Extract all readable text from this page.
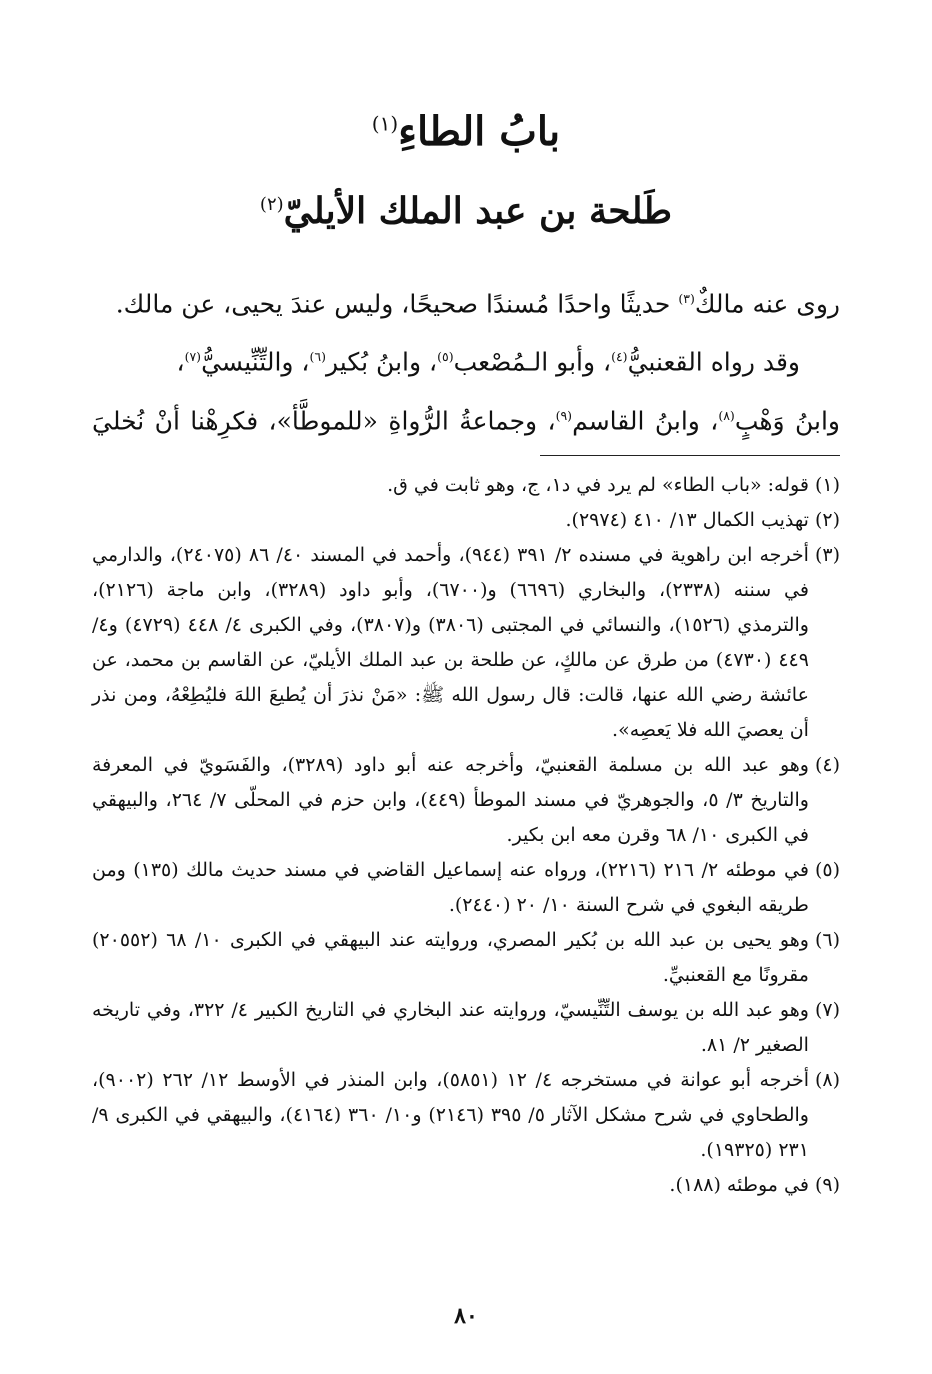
بابُ الطاءِ$^{(١)}$
طَلحة بن عبد الملك الأيليّ$^{(٢)}$

روى عنه مالكٌ$^{(٣)}$ حديثًا واحدًا مُسندًا صحيحًا، وليس عندَ يحيى، عن مالك.

وقد رواه القعنبيُّ$^{(٤)}$، وأبو الـمُصْعب$^{(٥)}$، وابنُ بُكير$^{(٦)}$، والتِّنِّيسيُّ$^{(٧)}$،

وابنُ وَهْبٍ$^{(٨)}$، وابنُ القاسم$^{(٩)}$، وجماعةُ الرُّواةِ «للموطَّأ»، فكرِهْنا أنْ نُخليَ

(١)
قوله: «باب الطاء» لم يرد في د١، ج، وهو ثابت في ق.
(٢)
تهذيب الكمال ١٣/ ٤١٠ (٢٩٧٤).
(٣)
أخرجه ابن راهوية في مسنده ٢/ ٣٩١ (٩٤٤)، وأحمد في المسند ٤٠/ ٨٦ (٢٤٠٧٥)، والدارمي في سننه (٢٣٣٨)، والبخاري (٦٦٩٦) و(٦٧٠٠)، وأبو داود (٣٢٨٩)، وابن ماجة (٢١٢٦)، والترمذي (١٥٢٦)، والنسائي في المجتبى (٣٨٠٦) و(٣٨٠٧)، وفي الكبرى ٤/ ٤٤٨ (٤٧٢٩) و٤/ ٤٤٩ (٤٧٣٠) من طرق عن مالكٍ، عن طلحة بن عبد الملك الأيليّ، عن القاسم بن محمد، عن عائشة رضي الله عنها، قالت: قال رسول الله ﷺ: «مَنْ نذرَ أن يُطيعَ اللهَ فليُطِعْهُ، ومن نذر أن يعصيَ الله فلا يَعصِه».
(٤)
وهو عبد الله بن مسلمة القعنبيّ، وأخرجه عنه أبو داود (٣٢٨٩)، والفَسَويّ في المعرفة والتاريخ ٣/ ٥، والجوهريّ في مسند الموطأ (٤٤٩)، وابن حزم في المحلّى ٧/ ٢٦٤، والبيهقي في الكبرى ١٠/ ٦٨ وقرن معه ابن بكير.
(٥)
في موطئه ٢/ ٢١٦ (٢٢١٦)، ورواه عنه إسماعيل القاضي في مسند حديث مالك (١٣٥) ومن طريقه البغوي في شرح السنة ١٠/ ٢٠ (٢٤٤٠).
(٦)
وهو يحيى بن عبد الله بن بُكير المصري، وروايته عند البيهقي في الكبرى ١٠/ ٦٨ (٢٠٥٥٢) مقرونًا مع القعنبيِّ.
(٧)
وهو عبد الله بن يوسف التِّنِّيسيّ، وروايته عند البخاري في التاريخ الكبير ٤/ ٣٢٢، وفي تاريخه الصغير ٢/ ٨١.
(٨)
أخرجه أبو عوانة في مستخرجه ٤/ ١٢ (٥٨٥١)، وابن المنذر في الأوسط ١٢/ ٢٦٢ (٩٠٠٢)، والطحاوي في شرح مشكل الآثار ٥/ ٣٩٥ (٢١٤٦) و١٠/ ٣٦٠ (٤١٦٤)، والبيهقي في الكبرى ٩/ ٢٣١ (١٩٣٢٥).
(٩)
في موطئه (١٨٨).
٨٠
